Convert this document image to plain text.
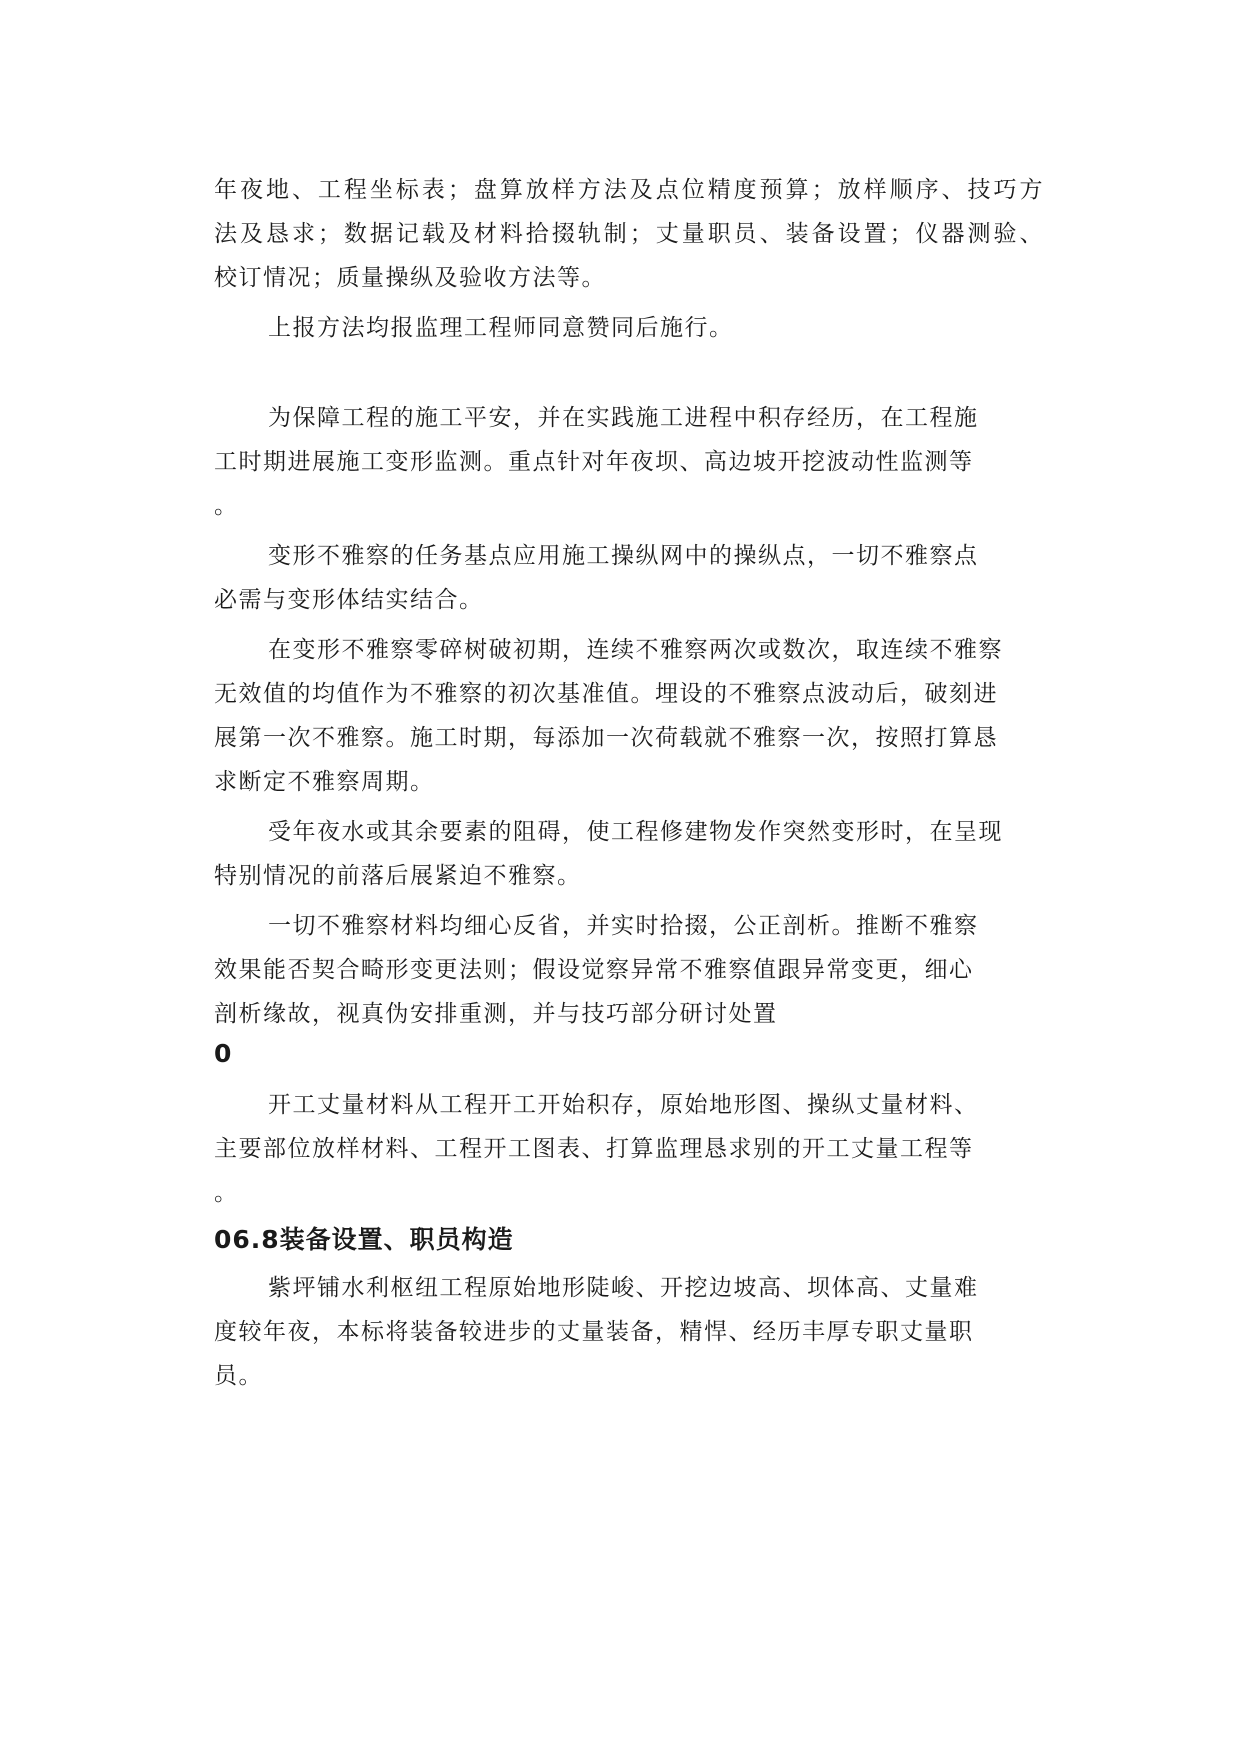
年夜地、工程坐标表；盘算放样方法及点位精度预算；放样顺序、技巧方
法及恳求；数据记载及材料拾掇轨制；丈量职员、装备设置；仪器测验、
校订情况；质量操纵及验收方法等。
上报方法均报监理工程师同意赞同后施行。
为保障工程的施工平安，并在实践施工进程中积存经历，在工程施
工时期进展施工变形监测。重点针对年夜坝、高边坡开挖波动性监测等
。
变形不雅察的任务基点应用施工操纵网中的操纵点，一切不雅察点
必需与变形体结实结合。
在变形不雅察零碎树破初期，连续不雅察两次或数次，取连续不雅察
无效值的均值作为不雅察的初次基准值。埋设的不雅察点波动后，破刻进
展第一次不雅察。施工时期，每添加一次荷载就不雅察一次，按照打算恳
求断定不雅察周期。
受年夜水或其余要素的阻碍，使工程修建物发作突然变形时，在呈现
特别情况的前落后展紧迫不雅察。
一切不雅察材料均细心反省，并实时拾掇，公正剖析。推断不雅察
效果能否契合畸形变更法则；假设觉察异常不雅察值跟异常变更，细心
剖析缘故，视真伪安排重测，并与技巧部分研讨处置
0
开工丈量材料从工程开工开始积存，原始地形图、操纵丈量材料、
主要部位放样材料、工程开工图表、打算监理恳求别的开工丈量工程等
。
06.8装备设置、职员构造
紫坪铺水利枢纽工程原始地形陡峻、开挖边坡高、坝体高、丈量难
度较年夜，本标将装备较进步的丈量装备，精悍、经历丰厚专职丈量职
员。
